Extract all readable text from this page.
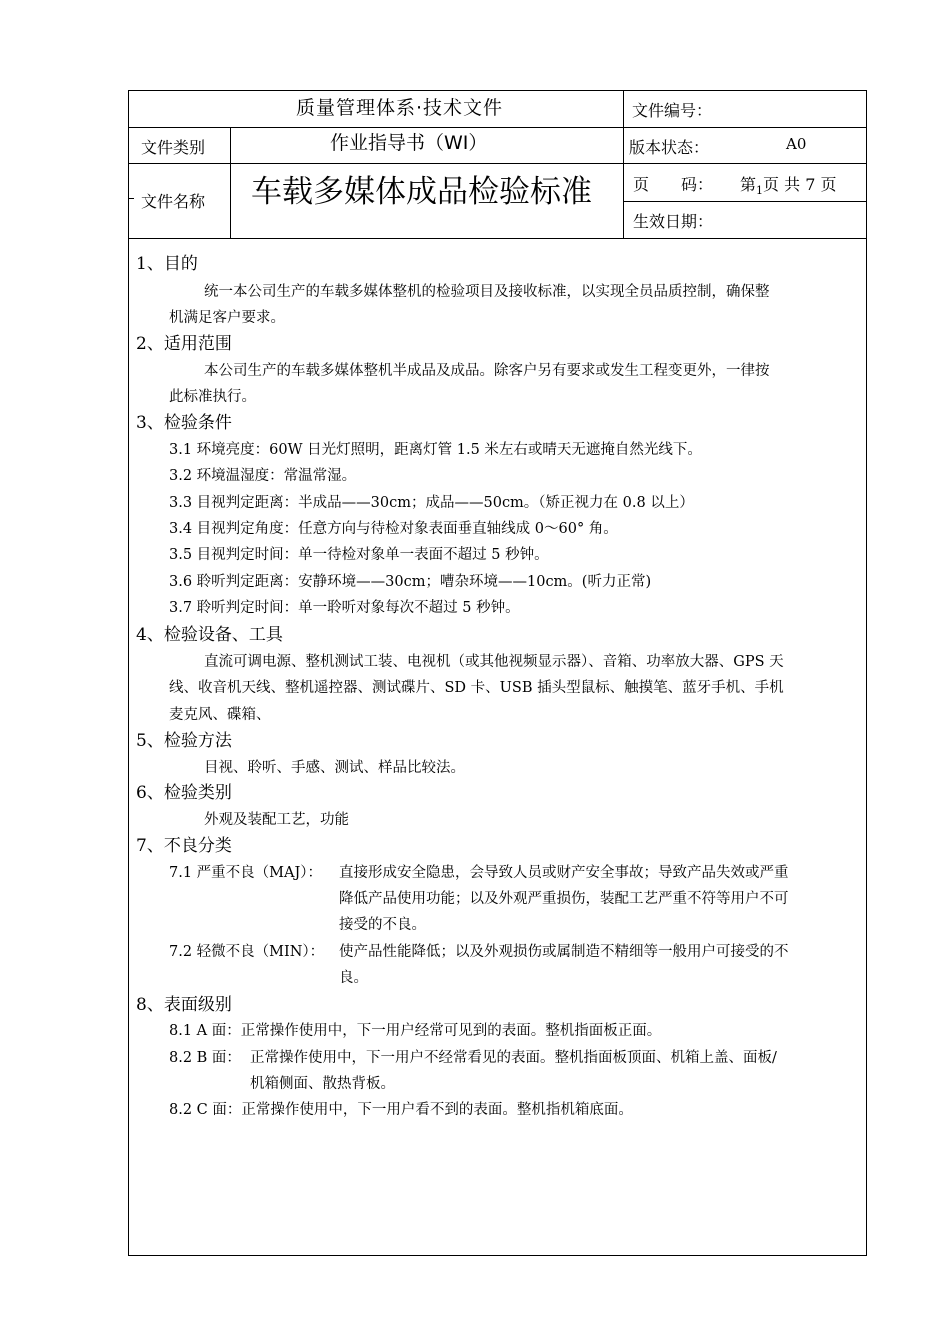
质量管理体系·技术文件	文件编号：
文件类别	作业指导书（WI）	版本状态：	A0
文件名称 车载多媒体成品检验标准	页　　码： 第$_1$页 共 7 页
生效日期：
1、目的
统一本公司生产的车载多媒体整机的检验项目及接收标准，以实现全员品质控制，确保整
机满足客户要求。
2、适用范围
本公司生产的车载多媒体整机半成品及成品。除客户另有要求或发生工程变更外，一律按
此标准执行。
3、检验条件
3.1 环境亮度：60W 日光灯照明，距离灯管 1.5 米左右或晴天无遮掩自然光线下。
3.2 环境温湿度：常温常湿。
3.3 目视判定距离：半成品——30cm；成品——50cm。（矫正视力在 0.8 以上）
3.4 目视判定角度：任意方向与待检对象表面垂直轴线成 0～60° 角。
3.5 目视判定时间：单一待检对象单一表面不超过 5 秒钟。
3.6 聆听判定距离：安静环境——30cm；嘈杂环境——10cm。(听力正常)
3.7 聆听判定时间：单一聆听对象每次不超过 5 秒钟。
4、检验设备、工具
直流可调电源、整机测试工装、电视机（或其他视频显示器）、音箱、功率放大器、GPS 天
线、收音机天线、整机遥控器、测试碟片、SD 卡、USB 插头型鼠标、触摸笔、蓝牙手机、手机
麦克风、碟箱、
5、检验方法
目视、聆听、手感、测试、样品比较法。
6、检验类别
外观及装配工艺，功能
7、不良分类
7.1 严重不良（MAJ）： 直接形成安全隐患，会导致人员或财产安全事故；导致产品失效或严重
降低产品使用功能；以及外观严重损伤，装配工艺严重不符等用户不可
接受的不良。
7.2 轻微不良（MIN）： 使产品性能降低；以及外观损伤或属制造不精细等一般用户可接受的不
良。
8、表面级别
8.1 A 面：正常操作使用中，下一用户经常可见到的表面。整机指面板正面。
8.2 B 面： 正常操作使用中，下一用户不经常看见的表面。整机指面板顶面、机箱上盖、面板/
机箱侧面、散热背板。
8.2 C 面：正常操作使用中，下一用户看不到的表面。整机指机箱底面。
